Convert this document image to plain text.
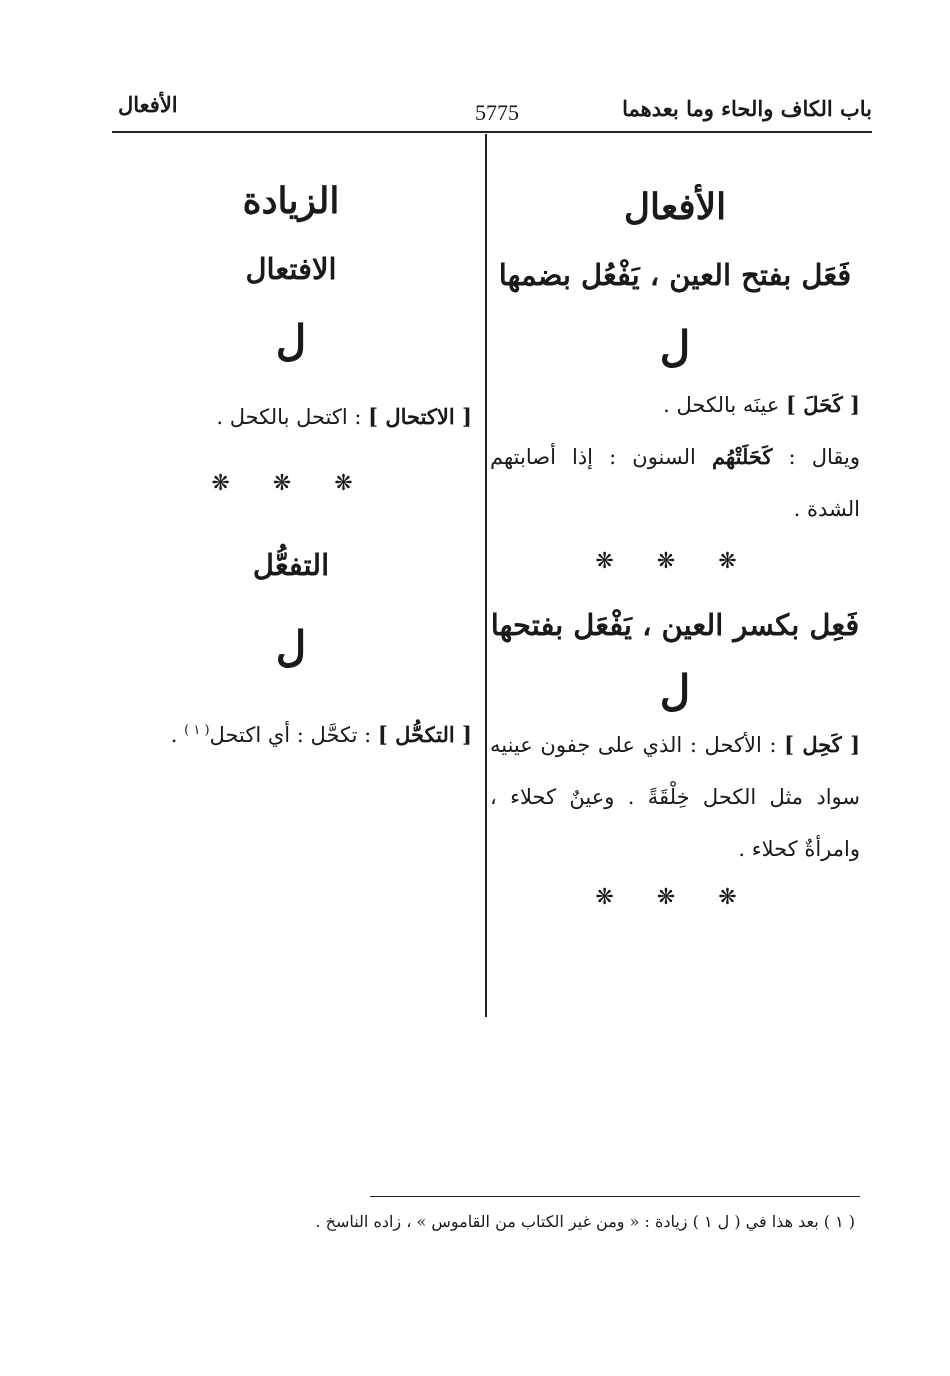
باب الكاف والحاء وما بعدهما
5775
الأفعال
الأفعال
فَعَل بفتح العين ، يَفْعُل بضمها
ل
[ كَحَلَ ] عينَه بالكحل .
ويقال : كَحَلَتْهُم السنون : إذا أصابتهم الشدة .
❋ ❋ ❋
فَعِل بكسر العين ، يَفْعَل بفتحها
ل
[ كَحِل ] : الأكحل : الذي على جفون عينيه سواد مثل الكحل خِلْقَةً . وعينٌ كحلاء ، وامرأةٌ كحلاء .
❋ ❋ ❋
الزيادة
الافتعال
ل
[ الاكتحال ] : اكتحل بالكحل .
❋ ❋ ❋
التفعُّل
ل
[ التكحُّل ] : تكحَّل : أي اكتحل$^{( ١ )}$ .
( ١ ) بعد هذا في ( ل ١ ) زيادة : « ومن غير الكتاب من القاموس » ، زاده الناسخ .
